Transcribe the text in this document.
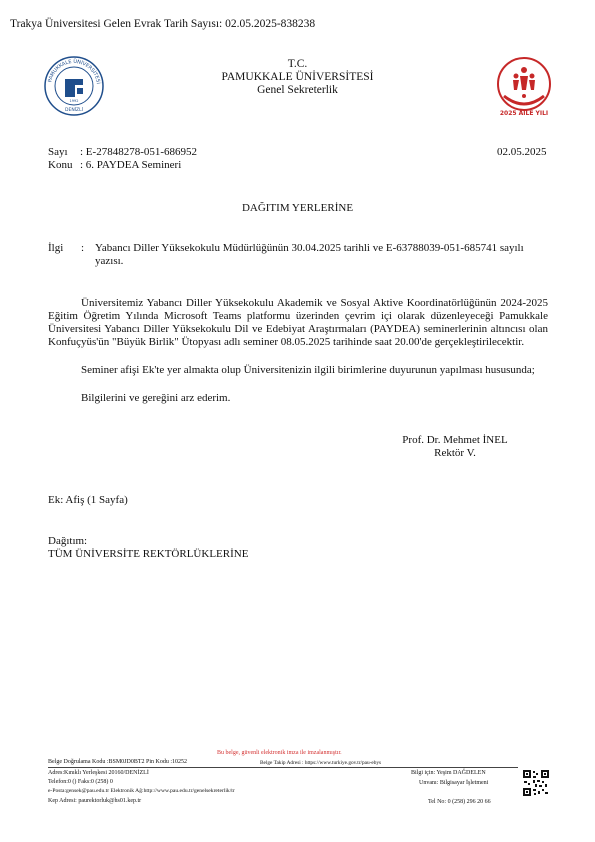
Trakya Üniversitesi Gelen Evrak Tarih Sayısı: 02.05.2025-838238
PAMUKKALE ÜNİVERSİTESİ
1992
DENİZLİ
T.C.
PAMUKKALE ÜNİVERSİTESİ
Genel Sekreterlik
2025 AİLE YILI
Sayı : E-27848278-051-686952
Konu : 6. PAYDEA Semineri
02.05.2025
DAĞITIM YERLERİNE
İlgi : Yabancı Diller Yüksekokulu Müdürlüğünün 30.04.2025 tarihli ve E-63788039-051-685741 sayılı yazısı.
Üniversitemiz Yabancı Diller Yüksekokulu Akademik ve Sosyal Aktive Koordinatörlüğünün 2024-2025 Eğitim Öğretim Yılında Microsoft Teams platformu üzerinden çevrim içi olarak düzenleyeceği Pamukkale Üniversitesi Yabancı Diller Yüksekokulu Dil ve Edebiyat Araştırmaları (PAYDEA) seminerlerinin altıncısı olan Konfuçyüs'ün "Büyük Birlik" Ütopyası adlı seminer 08.05.2025 tarihinde saat 20.00'de gerçekleştirilecektir.
Seminer afişi Ek'te yer almakta olup Üniversitenizin ilgili birimlerine duyurunun yapılması hususunda;
Bilgilerini ve gereğini arz ederim.
Prof. Dr. Mehmet İNEL
Rektör V.
Ek: Afiş (1 Sayfa)
Dağıtım:
TÜM ÜNİVERSİTE REKTÖRLÜKLERİNE
Bu belge, güvenli elektronik imza ile imzalanmıştır.
Belge Doğrulama Kodu :BSM0JD0BT2 Pin Kodu :10252	Belge Takip Adresi : https://www.turkiye.gov.tr/pau-ebys
Adres:Kınıklı Yerleşkesi 20160/DENİZLİ
Telefon:0 () Faks:0 (258) 0
e-Posta:gensek@pau.edu.tr Elektronik Ağ:http://www.pau.edu.tr/genelsekreterlik/tr
Kep Adresi: paurektorluk@hs01.kep.tr
Bilgi için: Yeşim DAĞDELEN
Unvanı: Bilgisayar İşletmeni
Tel No: 0 (258) 296 20 66
